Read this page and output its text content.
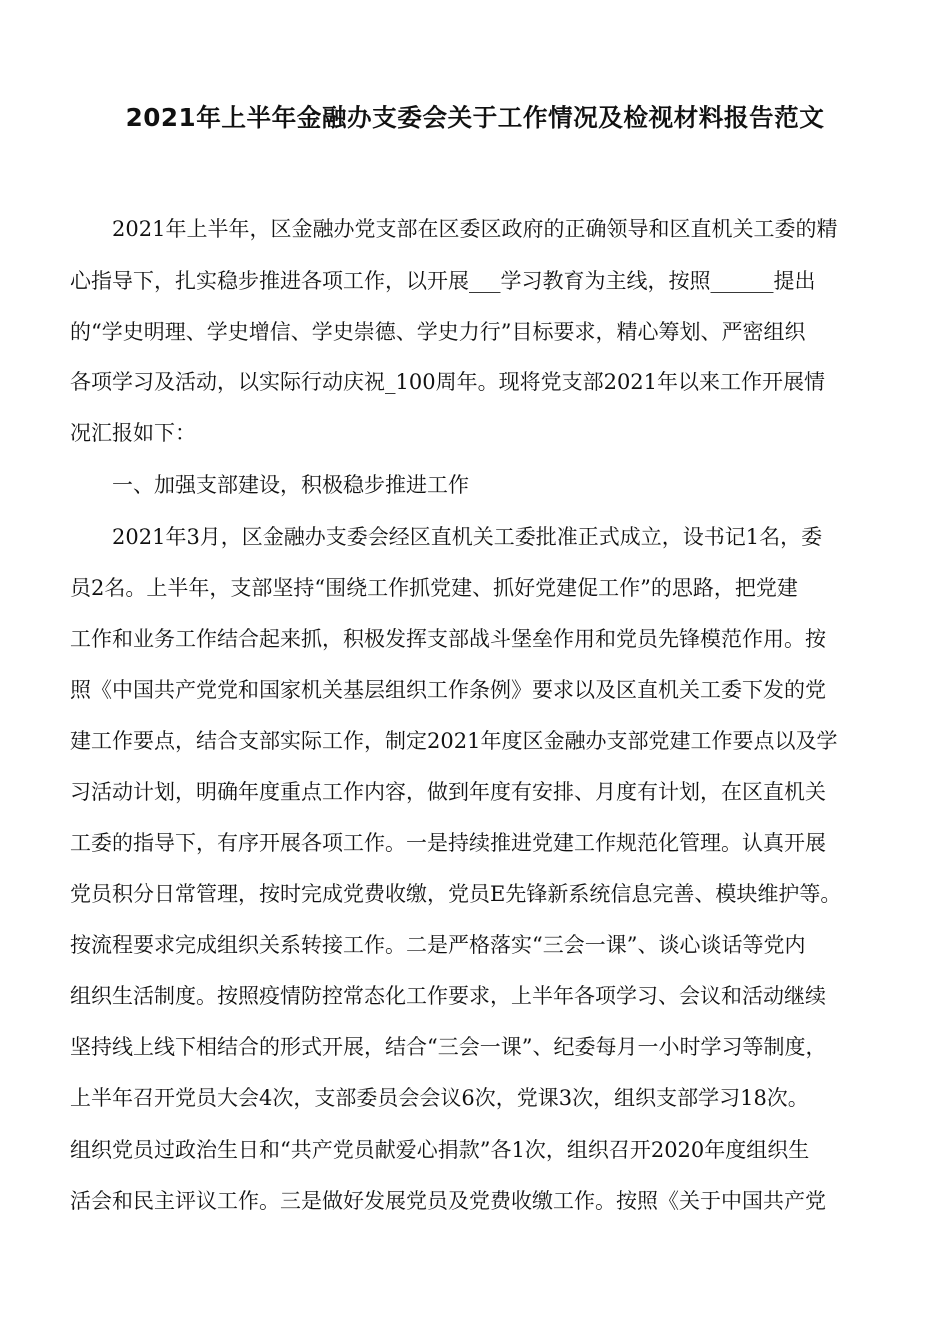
2021年上半年金融办支委会关于工作情况及检视材料报告范文
　　2021年上半年，区金融办党支部在区委区政府的正确领导和区直机关工委的精
心指导下，扎实稳步推进各项工作，以开展___学习教育为主线，按照______提出
的“学史明理、学史增信、学史崇德、学史力行”目标要求，精心筹划、严密组织
各项学习及活动，以实际行动庆祝_100周年。现将党支部2021年以来工作开展情
况汇报如下：
　　一、加强支部建设，积极稳步推进工作
　　2021年3月，区金融办支委会经区直机关工委批准正式成立，设书记1名，委
员2名。上半年，支部坚持“围绕工作抓党建、抓好党建促工作”的思路，把党建
工作和业务工作结合起来抓，积极发挥支部战斗堡垒作用和党员先锋模范作用。按
照《中国共产党党和国家机关基层组织工作条例》要求以及区直机关工委下发的党
建工作要点，结合支部实际工作，制定2021年度区金融办支部党建工作要点以及学
习活动计划，明确年度重点工作内容，做到年度有安排、月度有计划，在区直机关
工委的指导下，有序开展各项工作。一是持续推进党建工作规范化管理。认真开展
党员积分日常管理，按时完成党费收缴，党员E先锋新系统信息完善、模块维护等。
按流程要求完成组织关系转接工作。二是严格落实“三会一课”、谈心谈话等党内
组织生活制度。按照疫情防控常态化工作要求，上半年各项学习、会议和活动继续
坚持线上线下相结合的形式开展，结合“三会一课”、纪委每月一小时学习等制度，
上半年召开党员大会4次，支部委员会会议6次，党课3次，组织支部学习18次。
组织党员过政治生日和“共产党员献爱心捐款”各1次，组织召开2020年度组织生
活会和民主评议工作。三是做好发展党员及党费收缴工作。按照《关于中国共产党
